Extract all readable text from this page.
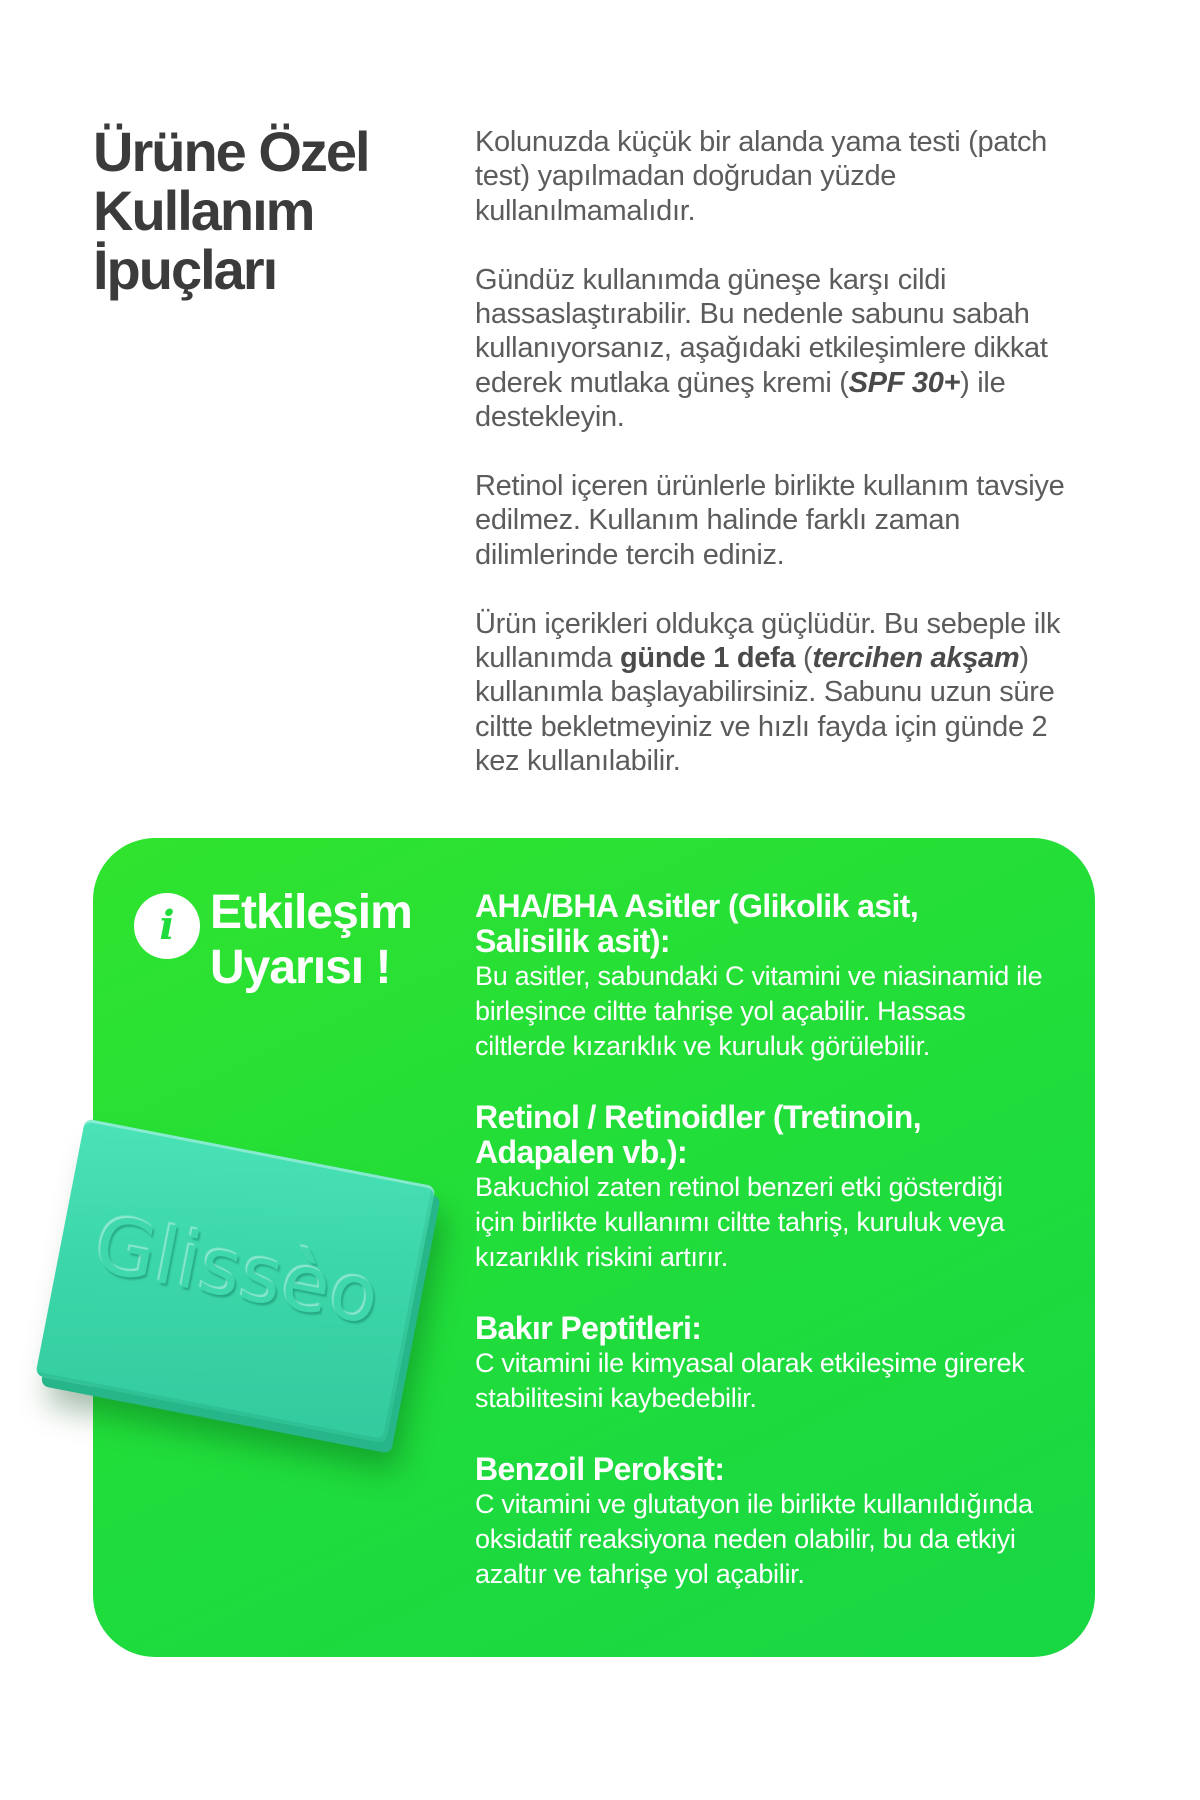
Ürüne Özel
Kullanım
İpuçları
Kolunuzda küçük bir alanda yama testi (patch
test) yapılmadan doğrudan yüzde
kullanılmamalıdır.
Gündüz kullanımda güneşe karşı cildi
hassaslaştırabilir. Bu nedenle sabunu sabah
kullanıyorsanız, aşağıdaki etkileşimlere dikkat
ederek mutlaka güneş kremi (SPF 30+) ile
destekleyin.
Retinol içeren ürünlerle birlikte kullanım tavsiye
edilmez. Kullanım halinde farklı zaman
dilimlerinde tercih ediniz.
Ürün içerikleri oldukça güçlüdür. Bu sebeple ilk
kullanımda günde 1 defa (tercihen akşam)
kullanımla başlayabilirsiniz. Sabunu uzun süre
ciltte bekletmeyiniz ve hızlı fayda için günde 2
kez kullanılabilir.
i Etkileşim
Uyarısı !
AHA/BHA Asitler (Glikolik asit,
Salisilik asit):
Bu asitler, sabundaki C vitamini ve niasinamid ile
birleşince ciltte tahrişe yol açabilir. Hassas
ciltlerde kızarıklık ve kuruluk görülebilir.
Retinol / Retinoidler (Tretinoin,
Adapalen vb.):
Bakuchiol zaten retinol benzeri etki gösterdiği
için birlikte kullanımı ciltte tahriş, kuruluk veya
kızarıklık riskini artırır.
Bakır Peptitleri:
C vitamini ile kimyasal olarak etkileşime girerek
stabilitesini kaybedebilir.
Benzoil Peroksit:
C vitamini ve glutatyon ile birlikte kullanıldığında
oksidatif reaksiyona neden olabilir, bu da etkiyi
azaltır ve tahrişe yol açabilir.
Glissèo
